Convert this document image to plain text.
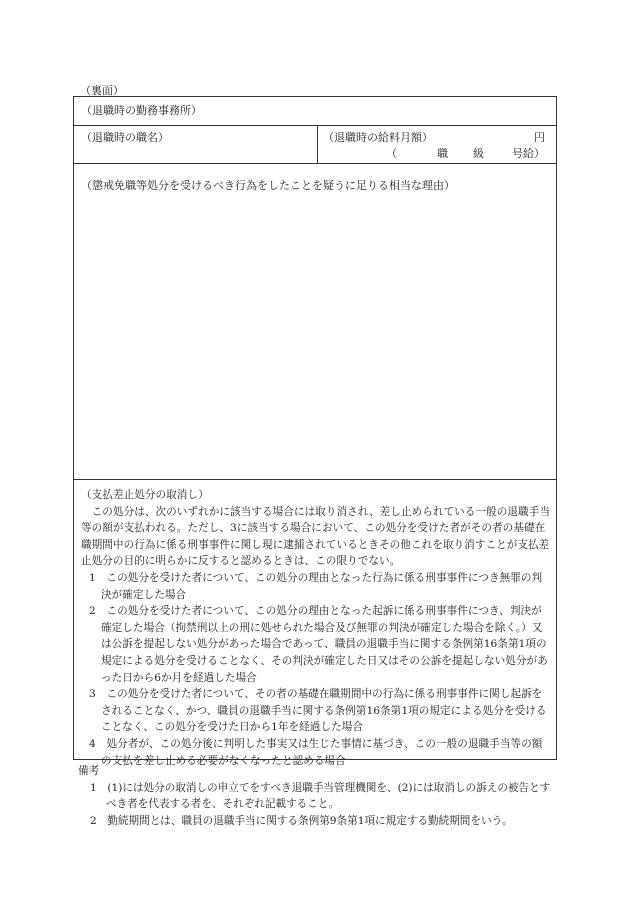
（裏面）
（退職時の勤務事務所）
（退職時の職名）	（退職時の給料月額）	円
（	職 級	号給）
（懲戒免職等処分を受けるべき行為をしたことを疑うに足りる相当な理由）

（支払差止処分の取消し）

　この処分は、次のいずれかに該当する場合には取り消され、差し止められている一般の退職手当等の額が支払われる。ただし、3に該当する場合において、この処分を受けた者がその者の基礎在職期間中の行為に係る刑事事件に関し現に逮捕されているときその他これを取り消すことが支払差止処分の目的に明らかに反すると認めるときは、この限りでない。

1　この処分を受けた者について、この処分の理由となった行為に係る刑事事件につき無罪の判決が確定した場合

2　この処分を受けた者について、この処分の理由となった起訴に係る刑事事件につき、判決が確定した場合（拘禁刑以上の刑に処せられた場合及び無罪の判決が確定した場合を除く。）又は公訴を提起しない処分があった場合であって、職員の退職手当に関する条例第16条第1項の規定による処分を受けることなく、その判決が確定した日又はその公訴を提起しない処分があった日から6か月を経過した場合

3　この処分を受けた者について、その者の基礎在職期間中の行為に係る刑事事件に関し起訴をされることなく、かつ、職員の退職手当に関する条例第16条第1項の規定による処分を受けることなく、この処分を受けた日から1年を経過した場合

4　処分者が、この処分後に判明した事実又は生じた事情に基づき、この一般の退職手当等の額の支払を差し止める必要がなくなったと認める場合

備考

1　(1)には処分の取消しの申立てをすべき退職手当管理機関を、(2)には取消しの訴えの被告とすべき者を代表する者を、それぞれ記載すること。

2　勤続期間とは、職員の退職手当に関する条例第9条第1項に規定する勤続期間をいう。
